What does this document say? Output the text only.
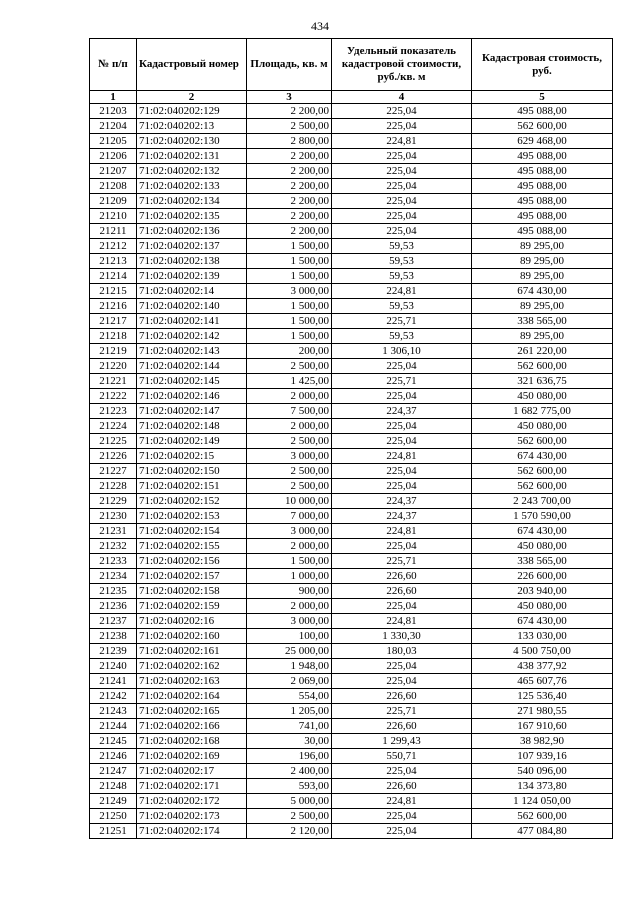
434
№ п/п	Кадастровый номер	Площадь, кв. м	Удельный показатель кадастровой стоимости, руб./кв. м	Кадастровая стоимость, руб.
1	2	3	4	5
21203	71:02:040202:129	2 200,00	225,04	495 088,00
21204	71:02:040202:13	2 500,00	225,04	562 600,00
21205	71:02:040202:130	2 800,00	224,81	629 468,00
21206	71:02:040202:131	2 200,00	225,04	495 088,00
21207	71:02:040202:132	2 200,00	225,04	495 088,00
21208	71:02:040202:133	2 200,00	225,04	495 088,00
21209	71:02:040202:134	2 200,00	225,04	495 088,00
21210	71:02:040202:135	2 200,00	225,04	495 088,00
21211	71:02:040202:136	2 200,00	225,04	495 088,00
21212	71:02:040202:137	1 500,00	59,53	89 295,00
21213	71:02:040202:138	1 500,00	59,53	89 295,00
21214	71:02:040202:139	1 500,00	59,53	89 295,00
21215	71:02:040202:14	3 000,00	224,81	674 430,00
21216	71:02:040202:140	1 500,00	59,53	89 295,00
21217	71:02:040202:141	1 500,00	225,71	338 565,00
21218	71:02:040202:142	1 500,00	59,53	89 295,00
21219	71:02:040202:143	200,00	1 306,10	261 220,00
21220	71:02:040202:144	2 500,00	225,04	562 600,00
21221	71:02:040202:145	1 425,00	225,71	321 636,75
21222	71:02:040202:146	2 000,00	225,04	450 080,00
21223	71:02:040202:147	7 500,00	224,37	1 682 775,00
21224	71:02:040202:148	2 000,00	225,04	450 080,00
21225	71:02:040202:149	2 500,00	225,04	562 600,00
21226	71:02:040202:15	3 000,00	224,81	674 430,00
21227	71:02:040202:150	2 500,00	225,04	562 600,00
21228	71:02:040202:151	2 500,00	225,04	562 600,00
21229	71:02:040202:152	10 000,00	224,37	2 243 700,00
21230	71:02:040202:153	7 000,00	224,37	1 570 590,00
21231	71:02:040202:154	3 000,00	224,81	674 430,00
21232	71:02:040202:155	2 000,00	225,04	450 080,00
21233	71:02:040202:156	1 500,00	225,71	338 565,00
21234	71:02:040202:157	1 000,00	226,60	226 600,00
21235	71:02:040202:158	900,00	226,60	203 940,00
21236	71:02:040202:159	2 000,00	225,04	450 080,00
21237	71:02:040202:16	3 000,00	224,81	674 430,00
21238	71:02:040202:160	100,00	1 330,30	133 030,00
21239	71:02:040202:161	25 000,00	180,03	4 500 750,00
21240	71:02:040202:162	1 948,00	225,04	438 377,92
21241	71:02:040202:163	2 069,00	225,04	465 607,76
21242	71:02:040202:164	554,00	226,60	125 536,40
21243	71:02:040202:165	1 205,00	225,71	271 980,55
21244	71:02:040202:166	741,00	226,60	167 910,60
21245	71:02:040202:168	30,00	1 299,43	38 982,90
21246	71:02:040202:169	196,00	550,71	107 939,16
21247	71:02:040202:17	2 400,00	225,04	540 096,00
21248	71:02:040202:171	593,00	226,60	134 373,80
21249	71:02:040202:172	5 000,00	224,81	1 124 050,00
21250	71:02:040202:173	2 500,00	225,04	562 600,00
21251	71:02:040202:174	2 120,00	225,04	477 084,80
